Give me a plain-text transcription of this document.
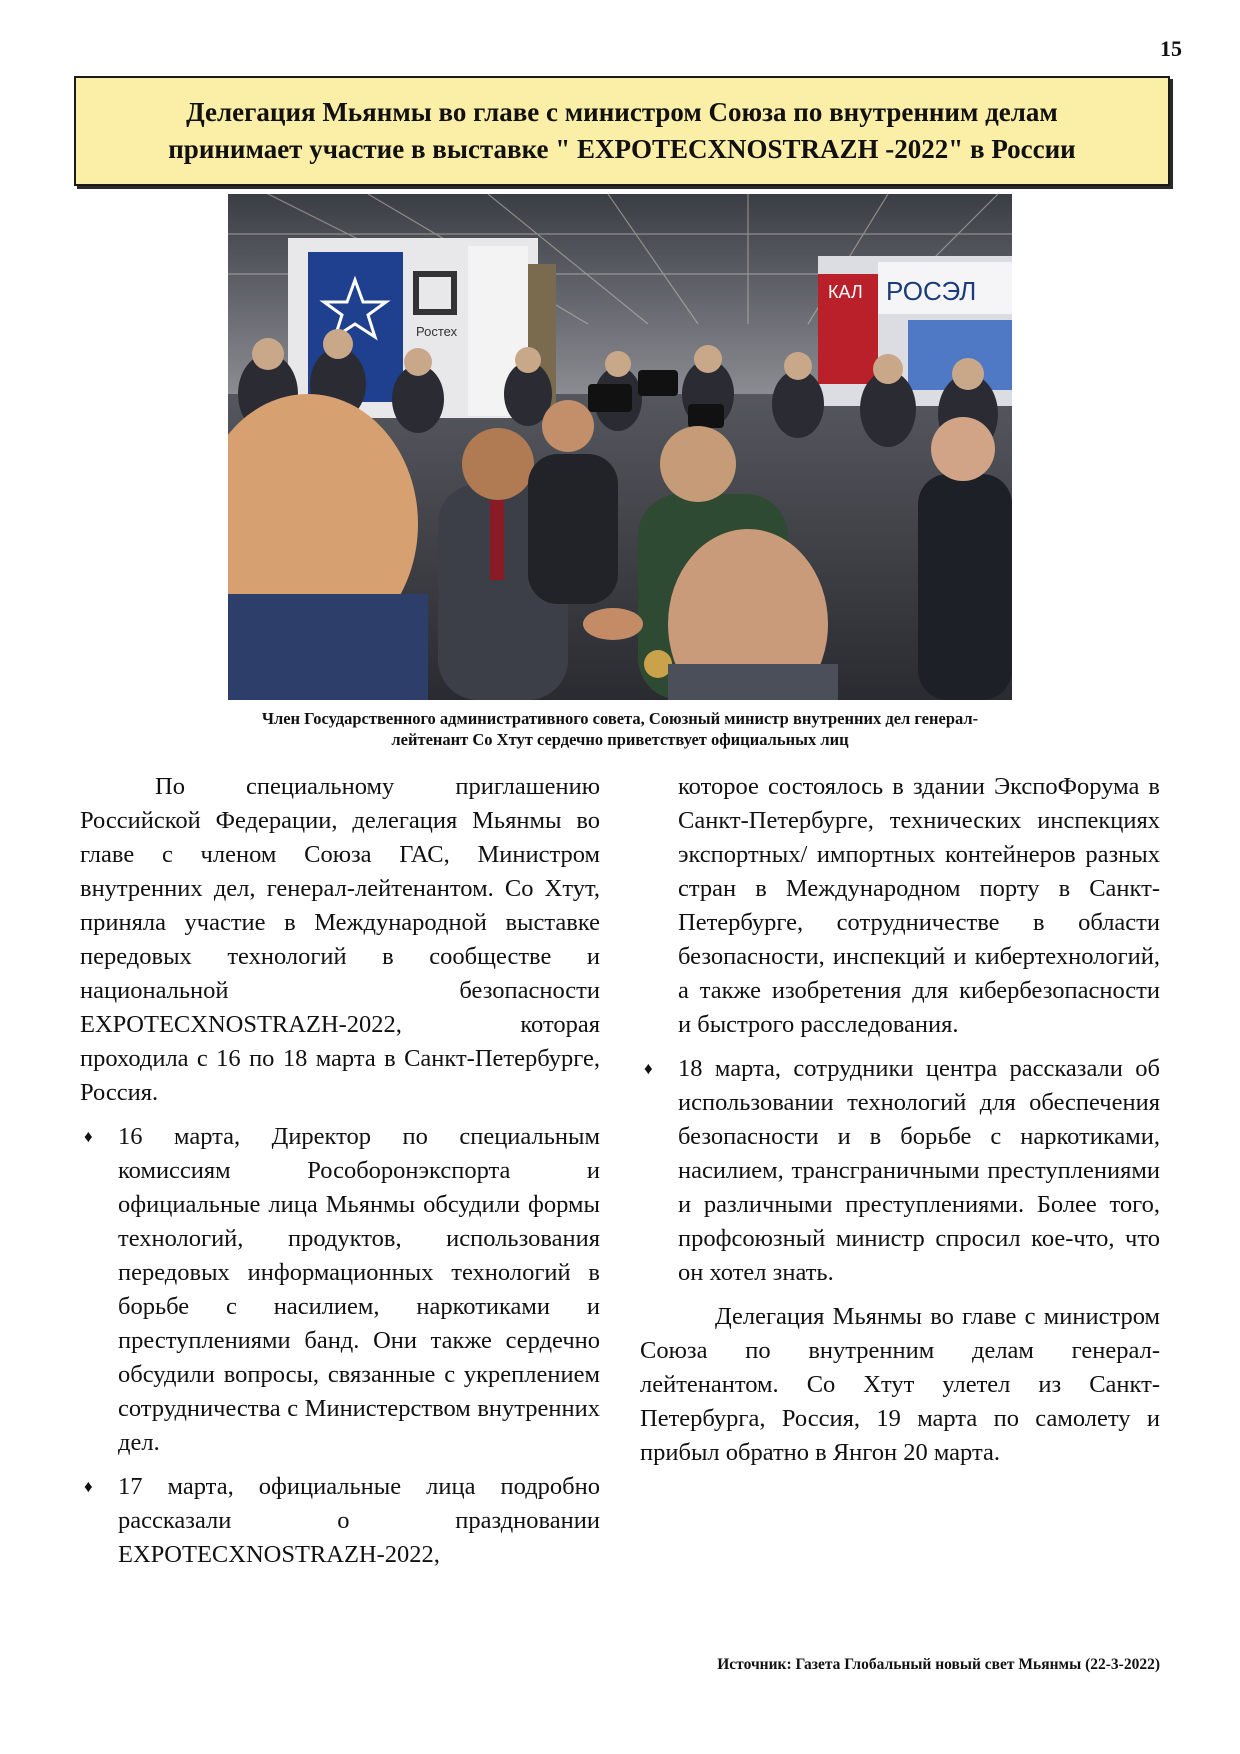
15
Делегация Мьянмы во главе с министром Союза по внутренним делам
принимает участие в выставке " EXPOTECXNOSTRAZH -2022" в России
Ростех
РОСЭЛ
КАЛ
Член Государственного административного совета, Союзный министр внутренних дел генерал-
лейтенант Со Хтут сердечно приветствует официальных лиц

По специальному приглашению Российской Федерации, делегация Мьянмы во главе с членом Союза ГАС, Министром внутренних дел, генерал-лейтенантом. Со Хтут, приняла участие в Международной выставке передовых технологий в сообществе и национальной безопасности EXPOTECXNOSTRAZH-2022, которая проходила с 16 по 18 марта в Санкт-Петербурге, Россия.

♦ 16 марта, Директор по специальным комиссиям Рособоронэкспорта и официальные лица Мьянмы обсудили формы технологий, продуктов, использования передовых информационных технологий в борьбе с насилием, наркотиками и преступлениями банд. Они также сердечно обсудили вопросы, связанные с укреплением сотрудничества с Министерством внутренних дел.

♦ 17 марта, официальные лица подробно рассказали о праздновании EXPOTECXNOSTRAZH-2022,

которое состоялось в здании ЭкспоФорума в Санкт-Петербурге, технических инспекциях экспортных/ импортных контейнеров разных стран в Международном порту в Санкт-Петербурге, сотрудничестве в области безопасности, инспекций и кибертехнологий, а также изобретения для кибербезопасности и быстрого расследования.

♦ 18 марта, сотрудники центра рассказали об использовании технологий для обеспечения безопасности и в борьбе с наркотиками, насилием, трансграничными преступлениями и различными преступлениями. Более того, профсоюзный министр спросил кое-что, что он хотел знать.

Делегация Мьянмы во главе с министром Союза по внутренним делам генерал-лейтенантом. Со Хтут улетел из Санкт-Петербурга, Россия, 19 марта по самолету и прибыл обратно в Янгон 20 марта.

Источник: Газета Глобальный новый свет Мьянмы (22-3-2022)
